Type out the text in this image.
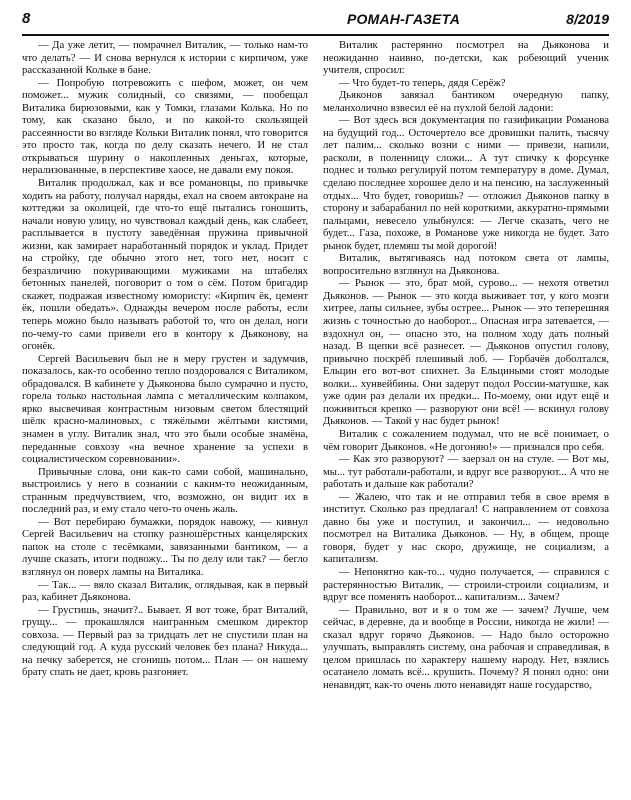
8	РОМАН-ГАЗЕТА	8/2019

— Да уже летит, — помрачнел Виталик, — только нам-то что делать? — И снова вернулся к истории с кирпичом, уже рассказанной Кольке в бане.

— Попробую потревожить с шефом, может, он чем поможет... мужик солидный, со связями, — пообещал Виталика бирюзовыми, как у Томки, глазами Колька. Но по тому, как сказано было, и по какой-то скользящей рассеянности во взгляде Кольки Виталик понял, что говорится это просто так, когда по делу сказать нечего. И не стал открываться шурину о накопленных деньгах, которые, нерализованные, в перспективе хаосе, не давали ему покоя.

Виталик продолжал, как и все романовцы, по привычке ходить на работу, получал наряды, ехал на своем автокране на коттеджи за околицей, где что-то ещё пытались гоношить, начали новую улицу, но чувствовал каждый день, как слабеет, расплывается в пустоту заведённая пружина привычной жизни, как замирает наработанный порядок и уклад. Придет на стройку, где обычно этого нет, того нет, носит с безразличию покуривающими мужиками на штабелях бетонных панелей, поговорит о том о сём. Потом бригадир скажет, подражая известному юмористу: «Кирпич ёк, цемент ёк, пошли обедать». Однажды вечером после работы, если теперь можно было называть работой то, что он делал, ноги по-чему-то сами привели его в контору к Дьяконову, на огонёк.

Сергей Васильевич был не в меру грустен и задумчив, показалось, как-то особенно тепло поздоровался с Виталиком, обрадовался. В кабинете у Дьяконова было сумрачно и пусто, горела только настольная лампа с металлическим колпаком, ярко высвечивая контрастным низовым светом блестящий шёлк красно-малиновых, с тяжёлыми жёлтыми кистями, знамен в углу. Виталик знал, что это были особые знамёна, переданные совхозу «на вечное хранение за успехи в социалистическом соревновании».

Привычные слова, они как-то сами собой, машинально, выстроились у него в сознании с каким-то неожиданным, странным предчувствием, что, возможно, он видит их в последний раз, и ему стало чего-то очень жаль.

— Вот перебираю бумажки, порядок навожу, — кивнул Сергей Васильевич на стопку разношёрстных канцелярских папок на столе с тесёмками, завязанными бантиком, — а лучше сказать, итоги подвожу... Ты по делу или так? — бегло взглянул он поверх лампы на Виталика.

— Так... — вяло сказал Виталик, оглядывая, как в первый раз, кабинет Дьяконова.

— Грустишь, значит?.. Бывает. Я вот тоже, брат Виталий, грущу... — прокашлялся наигранным смешком директор совхоза. — Первый раз за тридцать лет не спустили план на следующий год. А куда русский человек без плана? Никуда... на печку заберется, не сгонишь потом... План — он нашему брату спать не дает, кровь разгоняет.

Виталик растерянно посмотрел на Дьяконова и неожиданно наивно, по-детски, как робеющий ученик учителя, спросил:

— Что будет-то теперь, дядя Серёж?

Дьяконов завязал бантиком очередную папку, меланхолично взвесил её на пухлой белой ладони:

— Вот здесь вся документация по газификации Романова на будущий год... Осточертело все дровишки палить, тысячу лет палим... сколько возни с ними — привези, напили, расколи, в поленницу сложи... А тут спичку к форсунке поднес и только регулируй потом температуру в доме. Думал, сделаю последнее хорошее дело и на пенсию, на заслуженный отдых... Что будет, говоришь? — отложил Дьяконов папку в сторону и забарабанил по ней короткими, аккуратно-прямыми пальцами, невесело улыбнулся: — Легче сказать, чего не будет... Газа, похоже, в Романове уже никогда не будет. Зато рынок будет, племяш ты мой дорогой!

Виталик, вытягиваясь над потоком света от лампы, вопросительно взглянул на Дьяконова.

— Рынок — это, брат мой, сурово... — нехотя ответил Дьяконов. — Рынок — это когда выживает тот, у кого мозги хитрее, лапы сильнее, зубы острее... Рынок — это теперешняя жизнь с точностью до наоборот... Опасная игра затевается, — вздохнул он, — опасно это, на полном ходу дать полный назад. В щепки всё разнесет. — Дьяконов опустил голову, привычно поскрёб плешивый лоб. — Горбачёв доболтался, Ельцин его вот-вот спихнет. За Ельциными стоят молодые волки... хунвейбины. Они задерут подол России-матушке, как уже один раз делали их предки... По-моему, они идут ещё и поживиться крепко — разворуют они всё! — вскинул голову Дьяконов. — Такой у нас будет рынок!

Виталик с сожалением подумал, что не всё понимает, о чём говорит Дьяконов. «Не догоняю!» — признался про себя.

— Как это разворуют? — заерзал он на стуле. — Вот мы, мы... тут работали-работали, и вдруг все разворуют... А что не работать и дальше как работали?

— Жалею, что так и не отправил тебя в свое время в институт. Сколько раз предлагал! С направлением от совхоза давно бы уже и поступил, и закончил... — недовольно посмотрел на Виталика Дьяконов. — Ну, в общем, проще говоря, будет у нас скоро, дружище, не социализм, а капитализм.

— Непонятно как-то... чудно получается, — справился с растерянностью Виталик, — строили-строили социализм, и вдруг все поменять наоборот... капитализм... Зачем?

— Правильно, вот и я о том же — зачем? Лучше, чем сейчас, в деревне, да и вообще в России, никогда не жили! — сказал вдруг горячо Дьяконов. — Надо было осторожно улучшать, выправлять систему, она рабочая и справедливая, в целом пришлась по характеру нашему народу. Нет, взялись осатанело ломать всё... крушить. Почему? Я понял одно: они ненавидят, как-то очень люто ненавидят наше государство,
